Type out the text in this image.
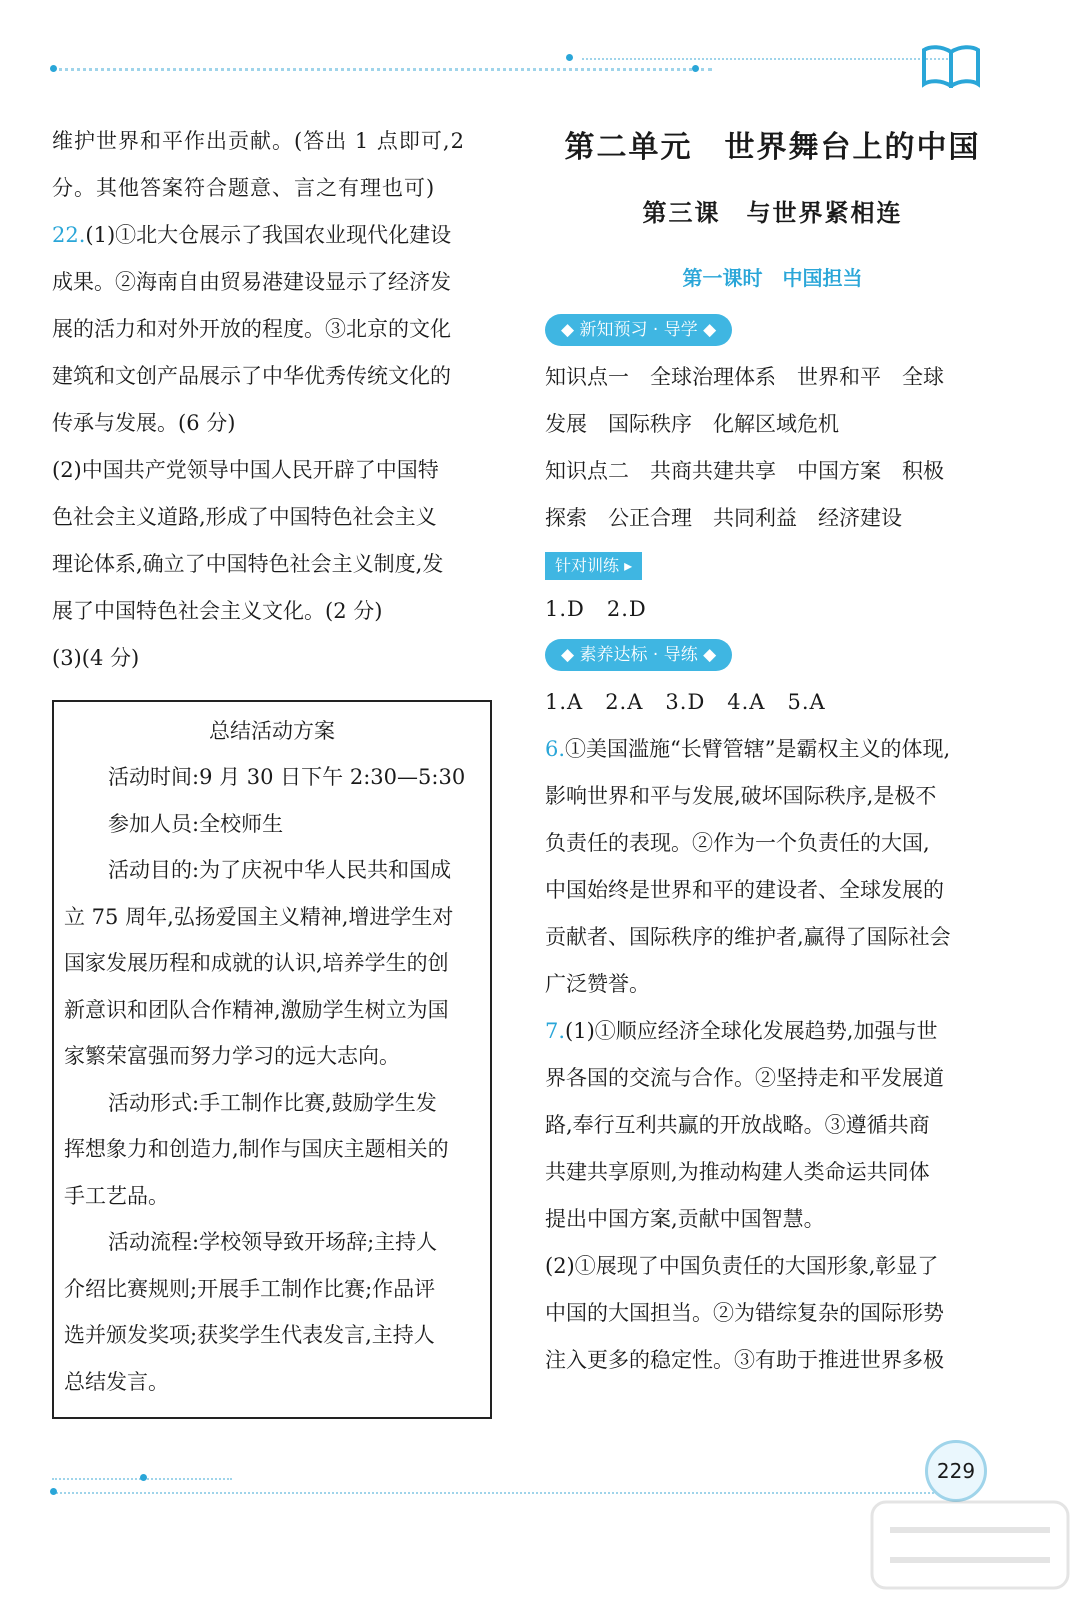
维护世界和平作出贡献。(答出 1 点即可,2
分。其他答案符合题意、言之有理也可)
22.(1)①北大仓展示了我国农业现代化建设
成果。②海南自由贸易港建设显示了经济发
展的活力和对外开放的程度。③北京的文化
建筑和文创产品展示了中华优秀传统文化的
传承与发展。(6 分)
(2)中国共产党领导中国人民开辟了中国特
色社会主义道路,形成了中国特色社会主义
理论体系,确立了中国特色社会主义制度,发
展了中国特色社会主义文化。(2 分)
(3)(4 分)
总结活动方案
活动时间:9 月 30 日下午 2:30—5:30
参加人员:全校师生
活动目的:为了庆祝中华人民共和国成
立 75 周年,弘扬爱国主义精神,增进学生对
国家发展历程和成就的认识,培养学生的创
新意识和团队合作精神,激励学生树立为国
家繁荣富强而努力学习的远大志向。
活动形式:手工制作比赛,鼓励学生发
挥想象力和创造力,制作与国庆主题相关的
手工艺品。
活动流程:学校领导致开场辞;主持人
介绍比赛规则;开展手工制作比赛;作品评
选并颁发奖项;获奖学生代表发言,主持人
总结发言。
第二单元　世界舞台上的中国
第三课　与世界紧相连
第一课时　中国担当
◆ 新知预习 · 导学 ◆
知识点一　全球治理体系　世界和平　全球
发展　国际秩序　化解区域危机
知识点二　共商共建共享　中国方案　积极
探索　公正合理　共同利益　经济建设
针对训练 ▸
1.D　2.D
◆ 素养达标 · 导练 ◆
1.A　2.A　3.D　4.A　5.A
6.①美国滥施“长臂管辖”是霸权主义的体现,
影响世界和平与发展,破坏国际秩序,是极不
负责任的表现。②作为一个负责任的大国,
中国始终是世界和平的建设者、全球发展的
贡献者、国际秩序的维护者,赢得了国际社会
广泛赞誉。
7.(1)①顺应经济全球化发展趋势,加强与世
界各国的交流与合作。②坚持走和平发展道
路,奉行互利共赢的开放战略。③遵循共商
共建共享原则,为推动构建人类命运共同体
提出中国方案,贡献中国智慧。
(2)①展现了中国负责任的大国形象,彰显了
中国的大国担当。②为错综复杂的国际形势
注入更多的稳定性。③有助于推进世界多极
229
